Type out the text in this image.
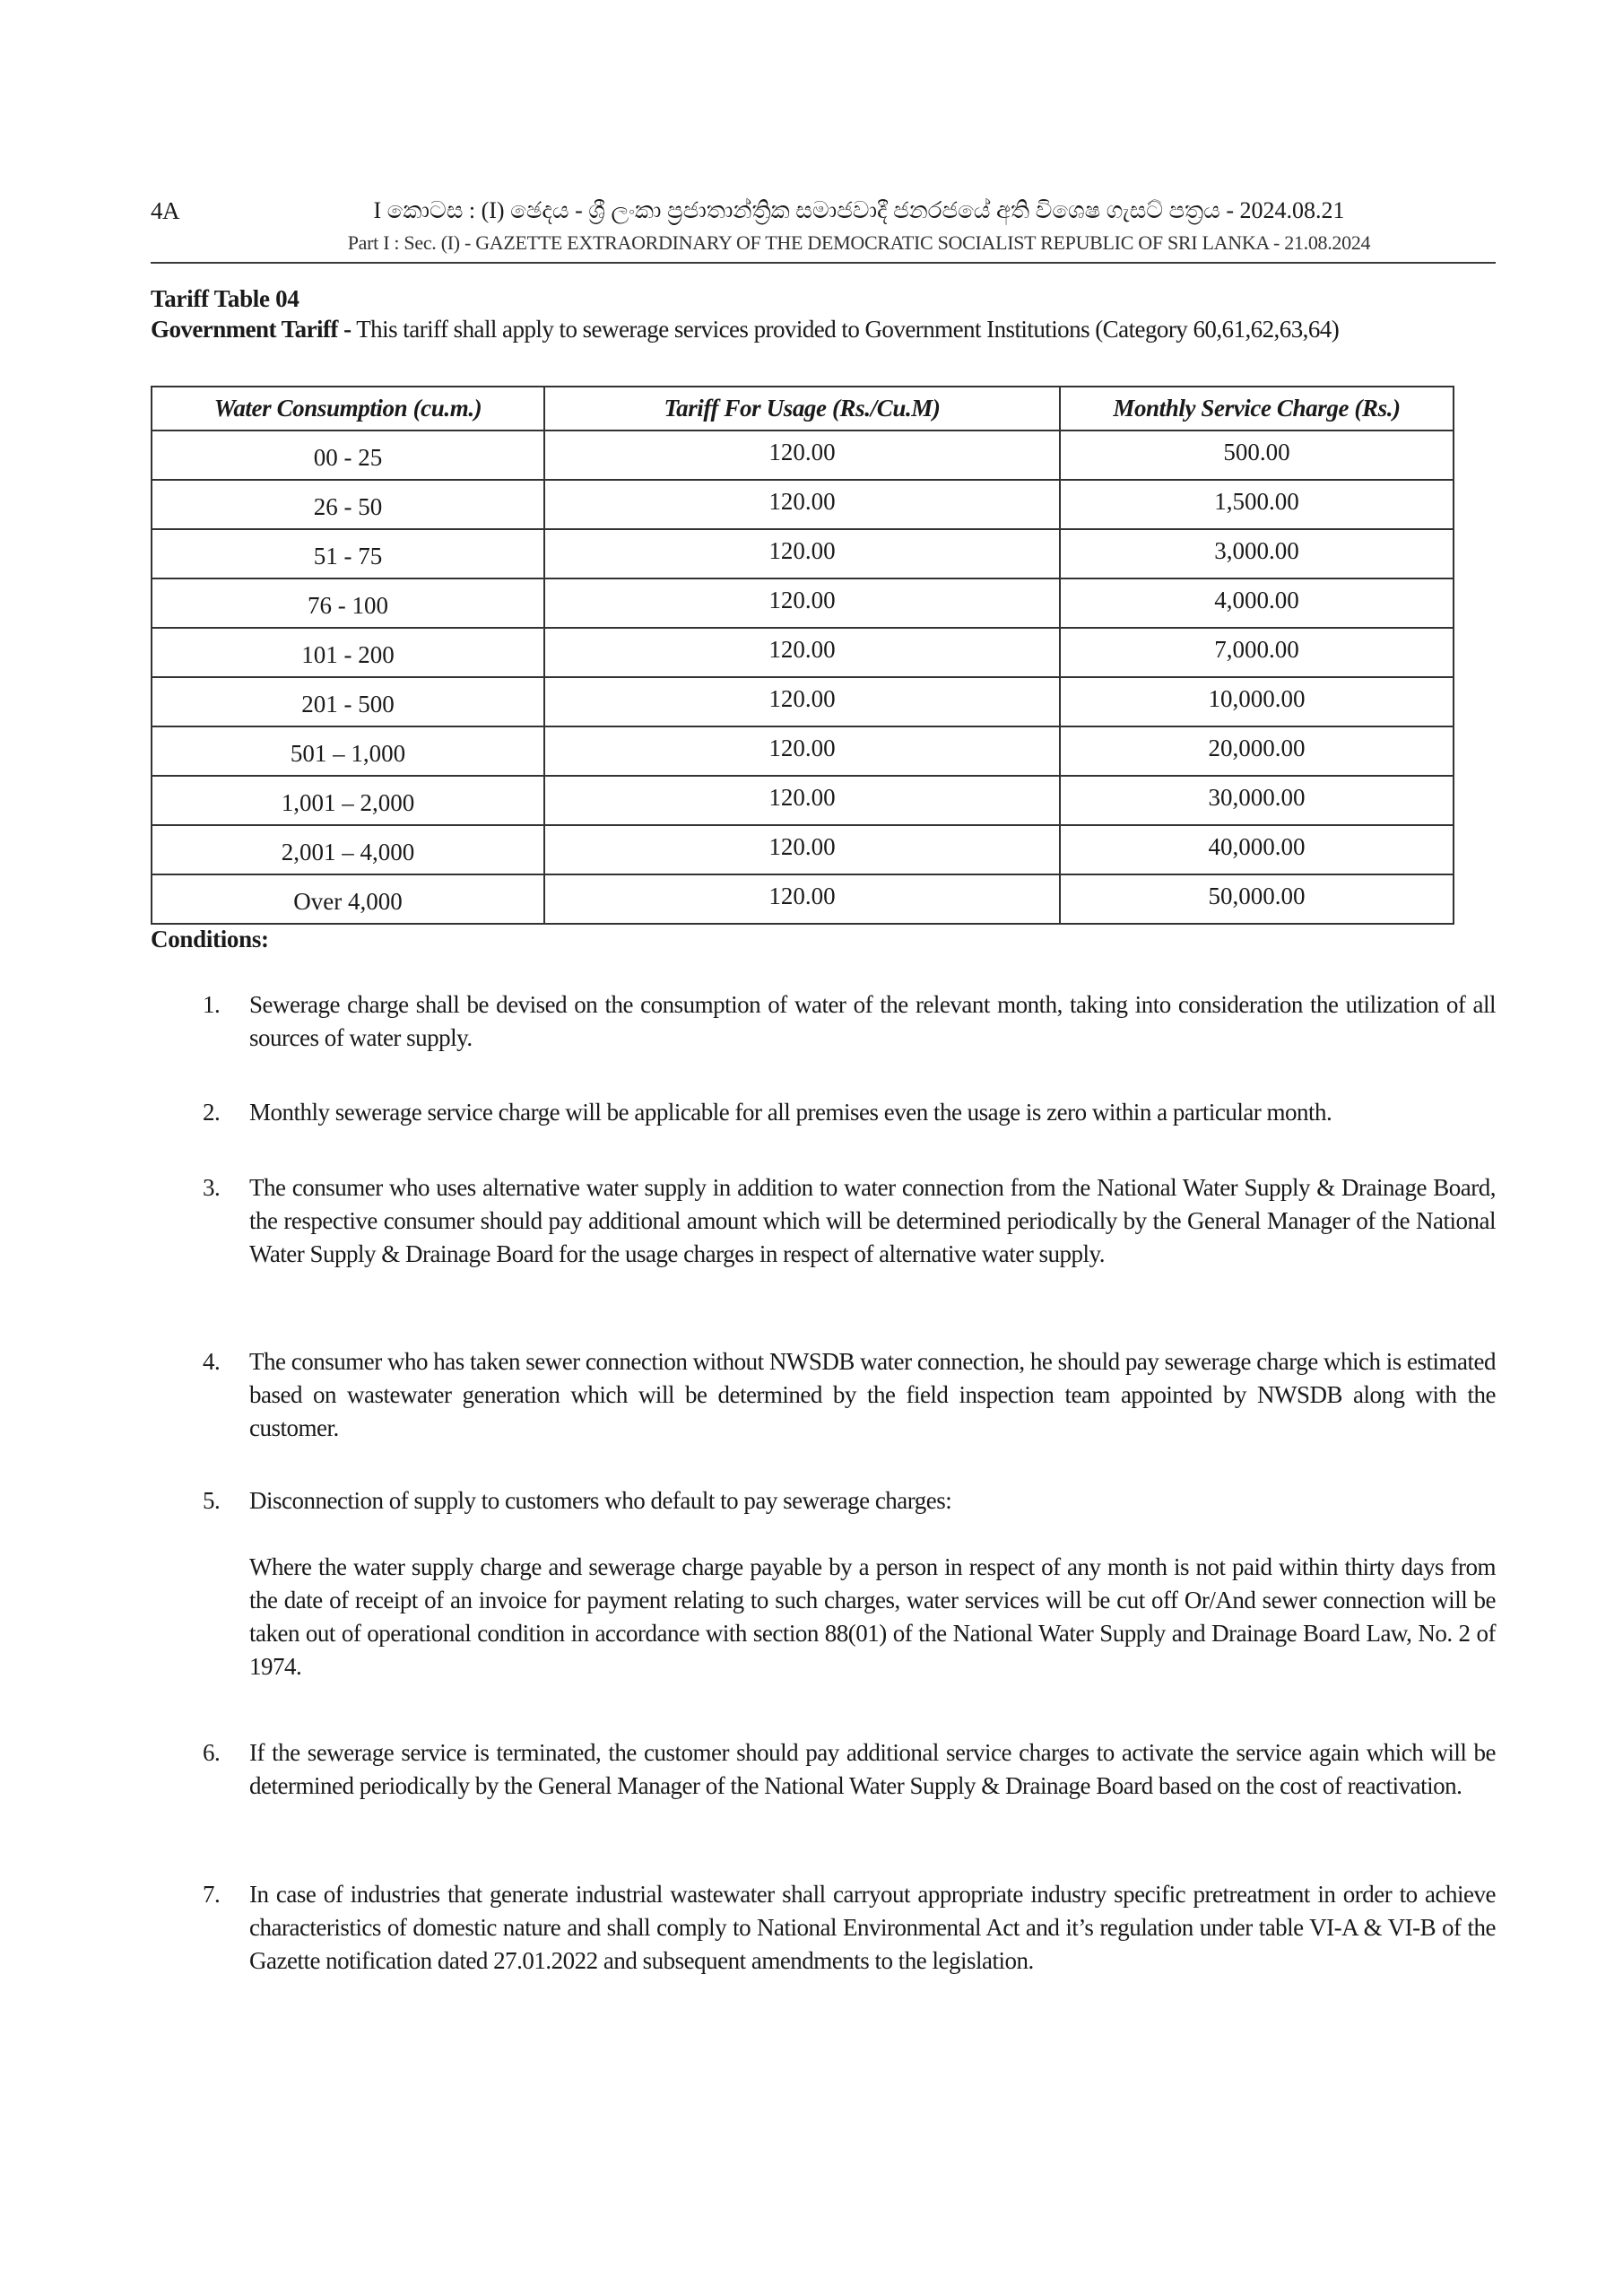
4A	I කොටස : (I) ඡෙදය - ශ්‍රී ලංකා ප්‍රජාතාන්ත්‍රික සමාජවාදී ජනරජයේ අති විශෙෂ ගැසට් පත්‍රය - 2024.08.21
Part I : Sec. (I) - GAZETTE EXTRAORDINARY OF THE DEMOCRATIC SOCIALIST REPUBLIC OF SRI LANKA - 21.08.2024
Tariff Table 04
Government Tariff - This tariff shall apply to sewerage services provided to Government Institutions (Category 60,61,62,63,64)
Water Consumption (cu.m.)	Tariff For Usage (Rs./Cu.M)	Monthly Service Charge (Rs.)
00 - 25	120.00	500.00
26 - 50	120.00	1,500.00
51 - 75	120.00	3,000.00
76 - 100	120.00	4,000.00
101 - 200	120.00	7,000.00
201 - 500	120.00	10,000.00
501 – 1,000	120.00	20,000.00
1,001 – 2,000	120.00	30,000.00
2,001 – 4,000	120.00	40,000.00
Over 4,000	120.00	50,000.00
Conditions:
1. Sewerage charge shall be devised on the consumption of water of the relevant month, taking into consideration the utilization of all sources of water supply.
2. Monthly sewerage service charge will be applicable for all premises even the usage is zero within a particular month.
3. The consumer who uses alternative water supply in addition to water connection from the National Water Supply & Drainage Board, the respective consumer should pay additional amount which will be determined periodically by the General Manager of the National Water Supply & Drainage Board for the usage charges in respect of alternative water supply.
4. The consumer who has taken sewer connection without NWSDB water connection, he should pay sewerage charge which is estimated based on wastewater generation which will be determined by the field inspection team appointed by NWSDB along with the customer.
5. Disconnection of supply to customers who default to pay sewerage charges:
Where the water supply charge and sewerage charge payable by a person in respect of any month is not paid within thirty days from the date of receipt of an invoice for payment relating to such charges, water services will be cut off Or/And sewer connection will be taken out of operational condition in accordance with section 88(01) of the National Water Supply and Drainage Board Law, No. 2 of 1974.
6. If the sewerage service is terminated, the customer should pay additional service charges to activate the service again which will be determined periodically by the General Manager of the National Water Supply & Drainage Board based on the cost of reactivation.
7. In case of industries that generate industrial wastewater shall carryout appropriate industry specific pretreatment in order to achieve characteristics of domestic nature and shall comply to National Environmental Act and it’s regulation under table VI-A & VI-B of the Gazette notification dated 27.01.2022 and subsequent amendments to the legislation.
